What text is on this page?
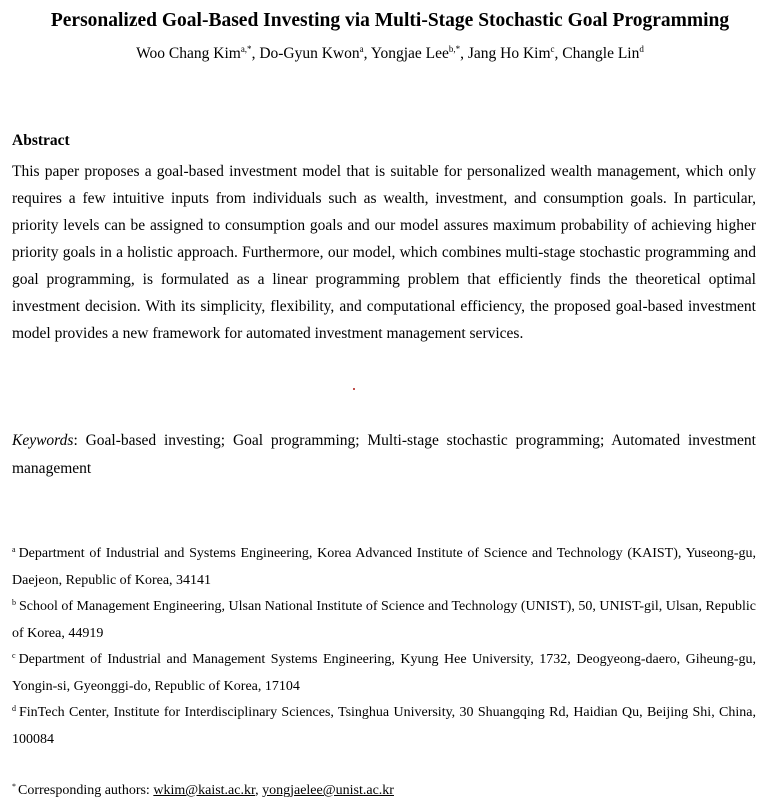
Personalized Goal-Based Investing via Multi-Stage Stochastic Goal Programming
Woo Chang Kim$^{a,*}$, Do-Gyun Kwon$^a$, Yongjae Lee$^{b,*}$, Jang Ho Kim$^c$, Changle Lin$^d$
Abstract
This paper proposes a goal-based investment model that is suitable for personalized wealth management, which only requires a few intuitive inputs from individuals such as wealth, investment, and consumption goals. In particular, priority levels can be assigned to consumption goals and our model assures maximum probability of achieving higher priority goals in a holistic approach. Furthermore, our model, which combines multi-stage stochastic programming and goal programming, is formulated as a linear programming problem that efficiently finds the theoretical optimal investment decision. With its simplicity, flexibility, and computational efficiency, the proposed goal-based investment model provides a new framework for automated investment management services.
Keywords: Goal-based investing; Goal programming; Multi-stage stochastic programming; Automated investment management
$^a$ Department of Industrial and Systems Engineering, Korea Advanced Institute of Science and Technology (KAIST), Yuseong-gu, Daejeon, Republic of Korea, 34141
$^b$ School of Management Engineering, Ulsan National Institute of Science and Technology (UNIST), 50, UNIST-gil, Ulsan, Republic of Korea, 44919
$^c$ Department of Industrial and Management Systems Engineering, Kyung Hee University, 1732, Deogyeong-daero, Giheung-gu, Yongin-si, Gyeonggi-do, Republic of Korea, 17104
$^d$ FinTech Center, Institute for Interdisciplinary Sciences, Tsinghua University, 30 Shuangqing Rd, Haidian Qu, Beijing Shi, China, 100084
* Corresponding authors: wkim@kaist.ac.kr, yongjaelee@unist.ac.kr
